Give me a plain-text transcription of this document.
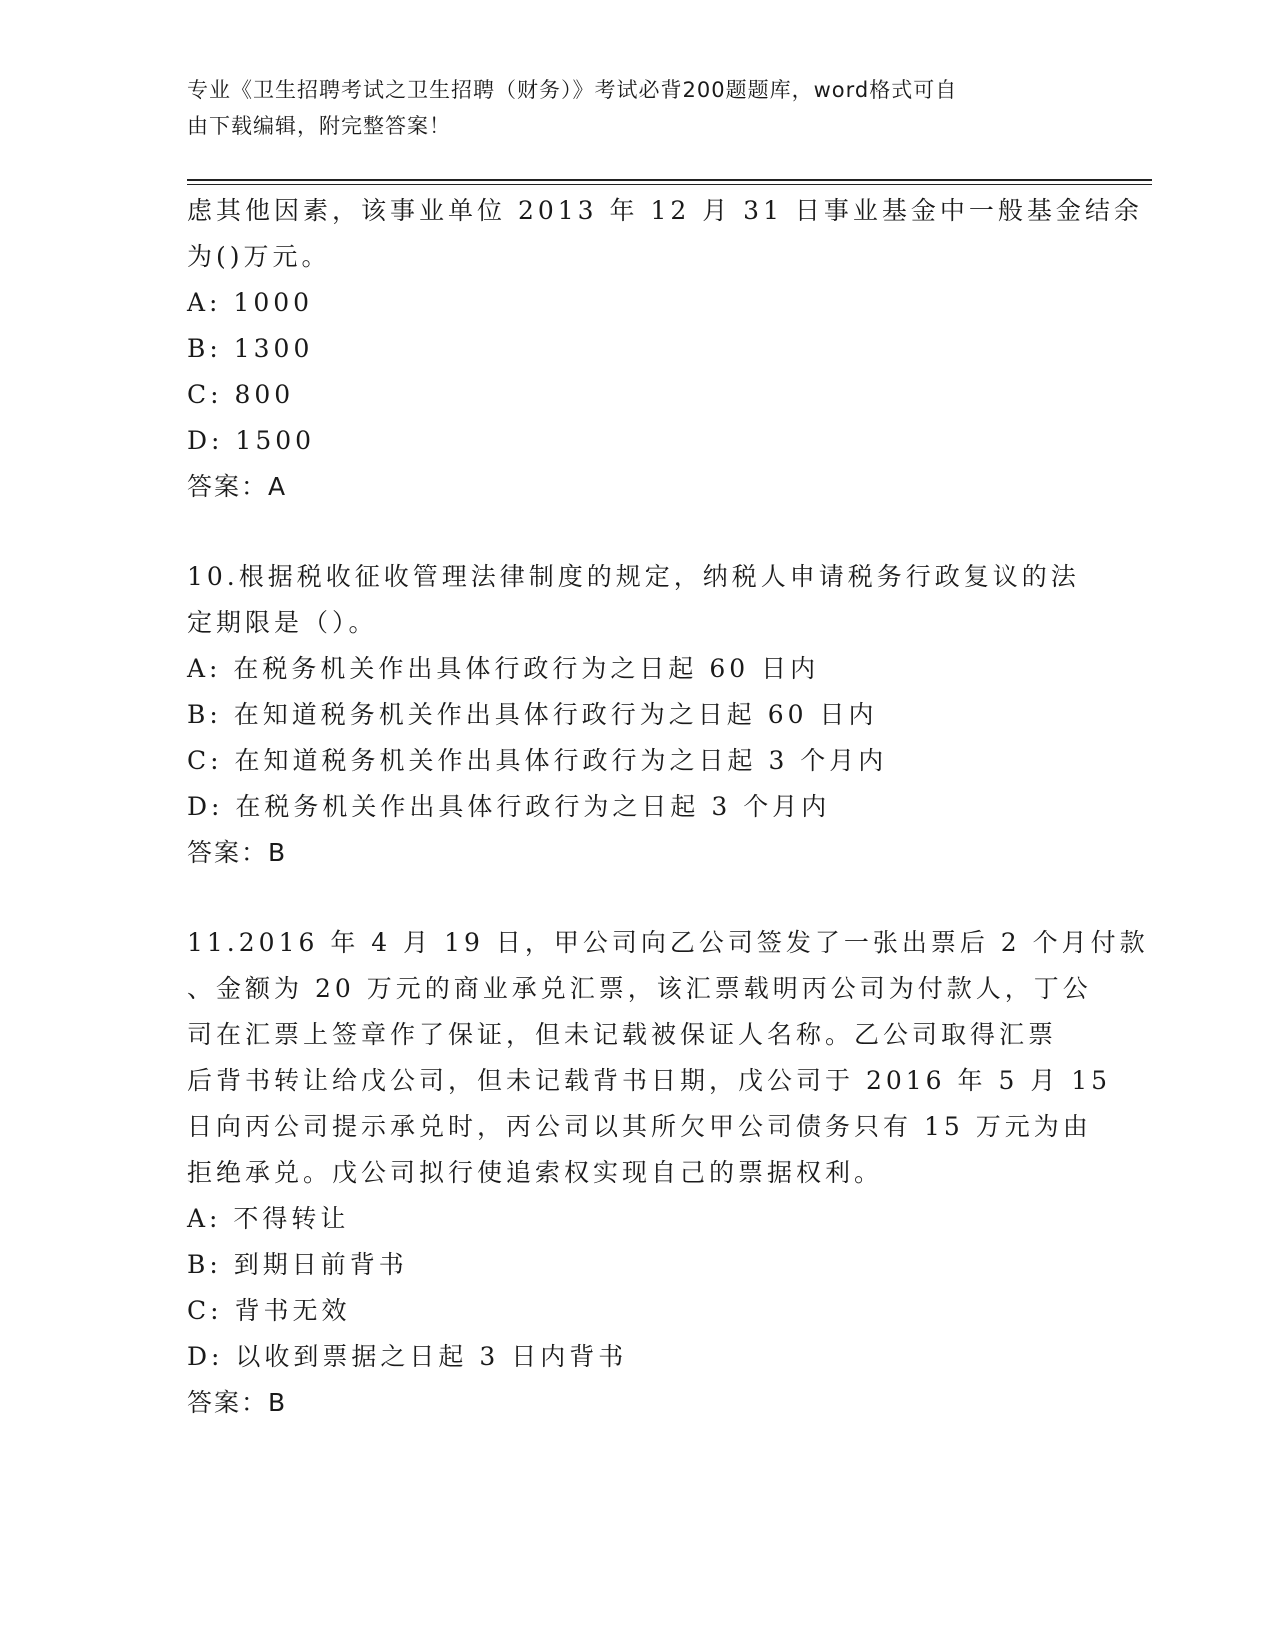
专业《卫生招聘考试之卫生招聘（财务）》考试必背200题题库，word格式可自
由下载编辑，附完整答案！
虑其他因素，该事业单位 2013 年 12 月 31 日事业基金中一般基金结余
为()万元。
A: 1000
B: 1300
C: 800
D: 1500
答案：A
10.根据税收征收管理法律制度的规定，纳税人申请税务行政复议的法
定期限是（）。
A: 在税务机关作出具体行政行为之日起 60 日内
B: 在知道税务机关作出具体行政行为之日起 60 日内
C: 在知道税务机关作出具体行政行为之日起 3 个月内
D: 在税务机关作出具体行政行为之日起 3 个月内
答案：B
11.2016 年 4 月 19 日，甲公司向乙公司签发了一张出票后 2 个月付款
、金额为 20 万元的商业承兑汇票，该汇票载明丙公司为付款人，丁公
司在汇票上签章作了保证，但未记载被保证人名称。乙公司取得汇票
后背书转让给戊公司，但未记载背书日期，戊公司于 2016 年 5 月 15
日向丙公司提示承兑时，丙公司以其所欠甲公司债务只有 15 万元为由
拒绝承兑。戊公司拟行使追索权实现自己的票据权利。
A: 不得转让
B: 到期日前背书
C: 背书无效
D: 以收到票据之日起 3 日内背书
答案：B
